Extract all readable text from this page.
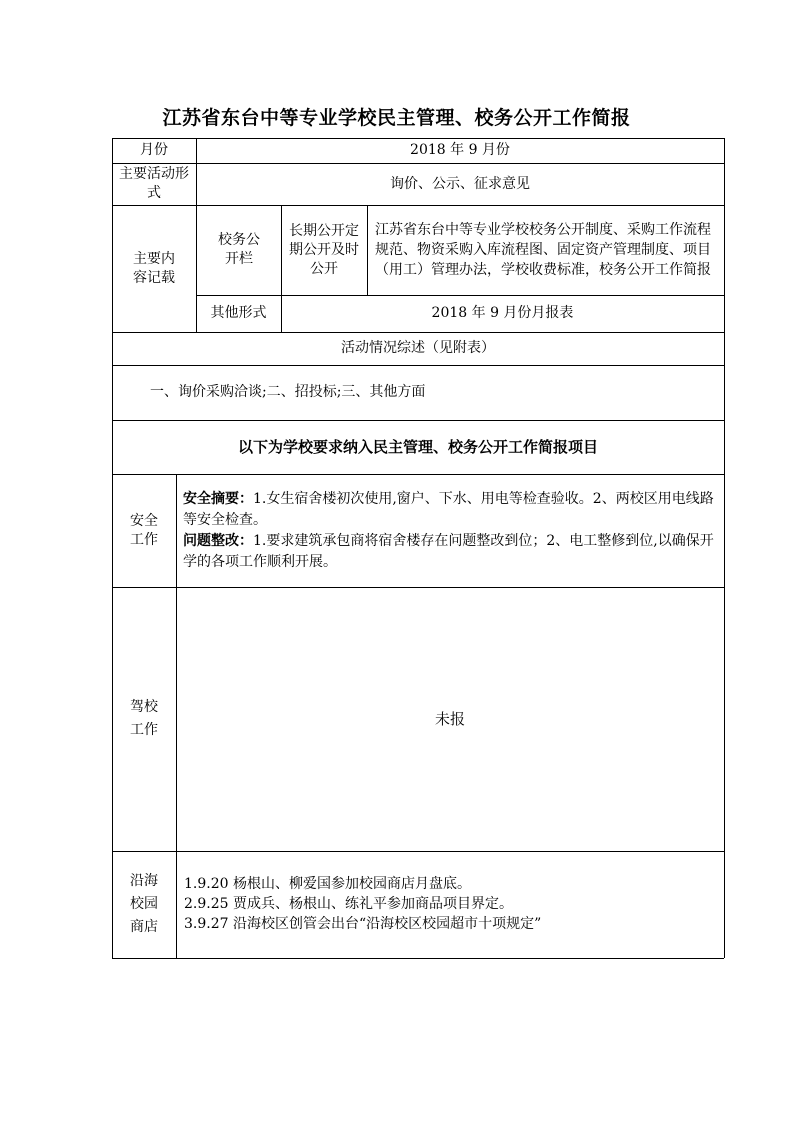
江苏省东台中等专业学校民主管理、校务公开工作简报
月份	2018 年 9 月份
主要活动形式
询价、公示、征求意见
主要内容记载
校务公开栏
长期公开定期公开及时公开
江苏省东台中等专业学校校务公开制度、采购工作流程规范、物资采购入库流程图、固定资产管理制度、项目（用工）管理办法，学校收费标准，校务公开工作简报
其他形式	2018 年 9 月份月报表
活动情况综述（见附表）
一、询价采购洽谈;二、招投标;三、其他方面
以下为学校要求纳入民主管理、校务公开工作简报项目
安全工作
安全摘要：1.女生宿舍楼初次使用,窗户、下水、用电等检查验收。2、两校区用电线路等安全检查。
问题整改：1.要求建筑承包商将宿舍楼存在问题整改到位；2、电工整修到位,以确保开学的各项工作顺利开展。
驾校工作
未报
沿海校园商店
1.9.20 杨根山、柳爱国参加校园商店月盘底。
2.9.25 贾成兵、杨根山、练礼平参加商品项目界定。
3.9.27 沿海校区创管会出台“沿海校区校园超市十项规定”
